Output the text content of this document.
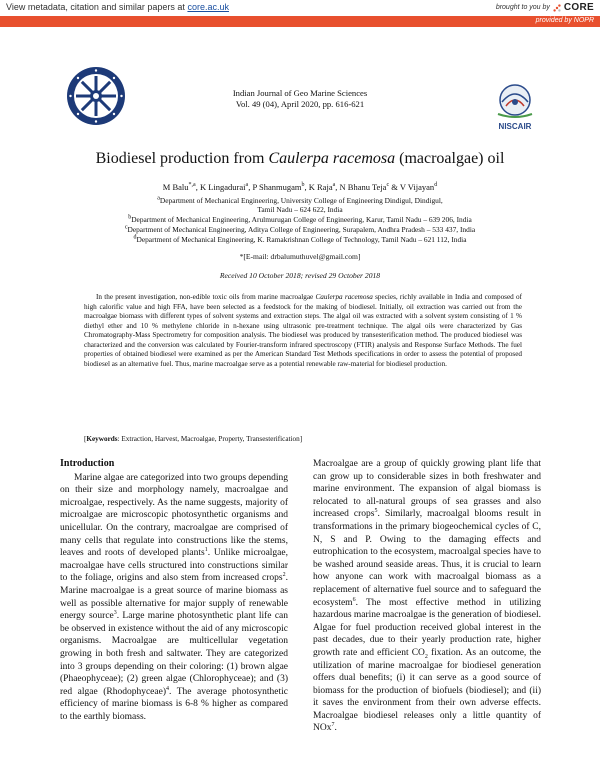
View metadata, citation and similar papers at core.ac.uk	brought to you by CORE
provided by NOPR
Indian Journal of Geo Marine Sciences
Vol. 49 (04), April 2020, pp. 616-621
NISCAIR
Biodiesel production from Caulerpa racemosa (macroalgae) oil
M Balu$^{*,a}$, K Lingadurai$^a$, P Shanmugam$^b$, K Raja$^a$, N Bhanu Teja$^c$ & V Vijayan$^d$
$^a$Department of Mechanical Engineering, University College of Engineering Dindigul, Dindigul,
Tamil Nadu – 624 622, India
$^b$Department of Mechanical Engineering, Arulmurugan College of Engineering, Karur, Tamil Nadu – 639 206, India
$^c$Department of Mechanical Engineering, Aditya College of Engineering, Surapalem, Andhra Pradesh – 533 437, India
$^d$Department of Mechanical Engineering, K. Ramakrishnan College of Technology, Tamil Nadu – 621 112, India
*[E-mail: drbalumuthuvel@gmail.com]
Received 10 October 2018; revised 29 October 2018
In the present investigation, non-edible toxic oils from marine macroalgae Caulerpa racemosa species, richly available in India and composed of high calorific value and high FFA, have been selected as a feedstock for the making of biodiesel. Initially, oil extraction was carried out from the macroalgae biomass with different types of solvent systems and extraction steps. The algal oil was extracted with a solvent system consisting of 1 % diethyl ether and 10 % methylene chloride in n-hexane using ultrasonic pre-treatment technique. The algal oils were characterized by Gas Chromatography-Mass Spectrometry for composition analysis. The biodiesel was produced by transesterification method. The produced biodiesel was characterized and the conversion was calculated by Fourier-transform infrared spectroscopy (FTIR) analysis and Response Surface Methods. The fuel properties of obtained biodiesel were examined as per the American Standard Test Methods specifications in order to assess the potential of proposed biodiesel as an alternative fuel. Thus, marine macroalgae serve as a potential renewable raw-material for biodiesel production.
[Keywords: Extraction, Harvest, Macroalgae, Property, Transesterification]
Introduction

Marine algae are categorized into two groups depending on their size and morphology namely, macroalgae and microalgae, respectively. As the name suggests, majority of microalgae are microscopic photosynthetic organisms and unicellular. On the contrary, macroalgae are comprised of many cells that regulate into constructions like the stems, leaves and roots of developed plants$^1$. Unlike microalgae, macroalgae have cells structured into constructions similar to the foliage, origins and also stem from increased crops$^2$. Marine macroalgae is a great source of marine biomass as well as possible alternative for major supply of renewable energy source$^3$. Large marine photosynthetic plant life can be observed in existence without the aid of any microscopic organisms. Macroalgae are multicellular vegetation growing in both fresh and saltwater. They are categorized into 3 groups depending on their coloring: (1) brown algae (Phaeophyceae); (2) green algae (Chlorophyceae); and (3) red algae (Rhodophyceae)$^4$. The average photosynthetic efficiency of marine biomass is 6-8 % higher as compared to the earthly biomass.

Macroalgae are a group of quickly growing plant life that can grow up to considerable sizes in both freshwater and marine environment. The expansion of algal biomass is relocated to all-natural groups of sea grasses and also increased crops$^5$. Similarly, macroalgal blooms result in transformations in the primary biogeochemical cycles of C, N, S and P. Owing to the damaging effects and eutrophication to the ecosystem, macroalgal species have to be washed around seaside areas. Thus, it is crucial to learn how anyone can work with macroalgal biomass as a replacement of alternative fuel source and to safeguard the ecosystem$^6$. The most effective method in utilizing hazardous marine macroalgae is the generation of biodiesel. Algae for fuel production received global interest in the past decades, due to their yearly production rate, higher growth rate and efficient $CO_2$ fixation. As an outcome, the utilization of marine macroalgae for biodiesel generation offers dual benefits; (i) it can serve as a good source of biomass for the production of biofuels (biodiesel); and (ii) it saves the environment from their own adverse effects. Macroalgae biodiesel releases only a little quantity of NOx$^7$.
